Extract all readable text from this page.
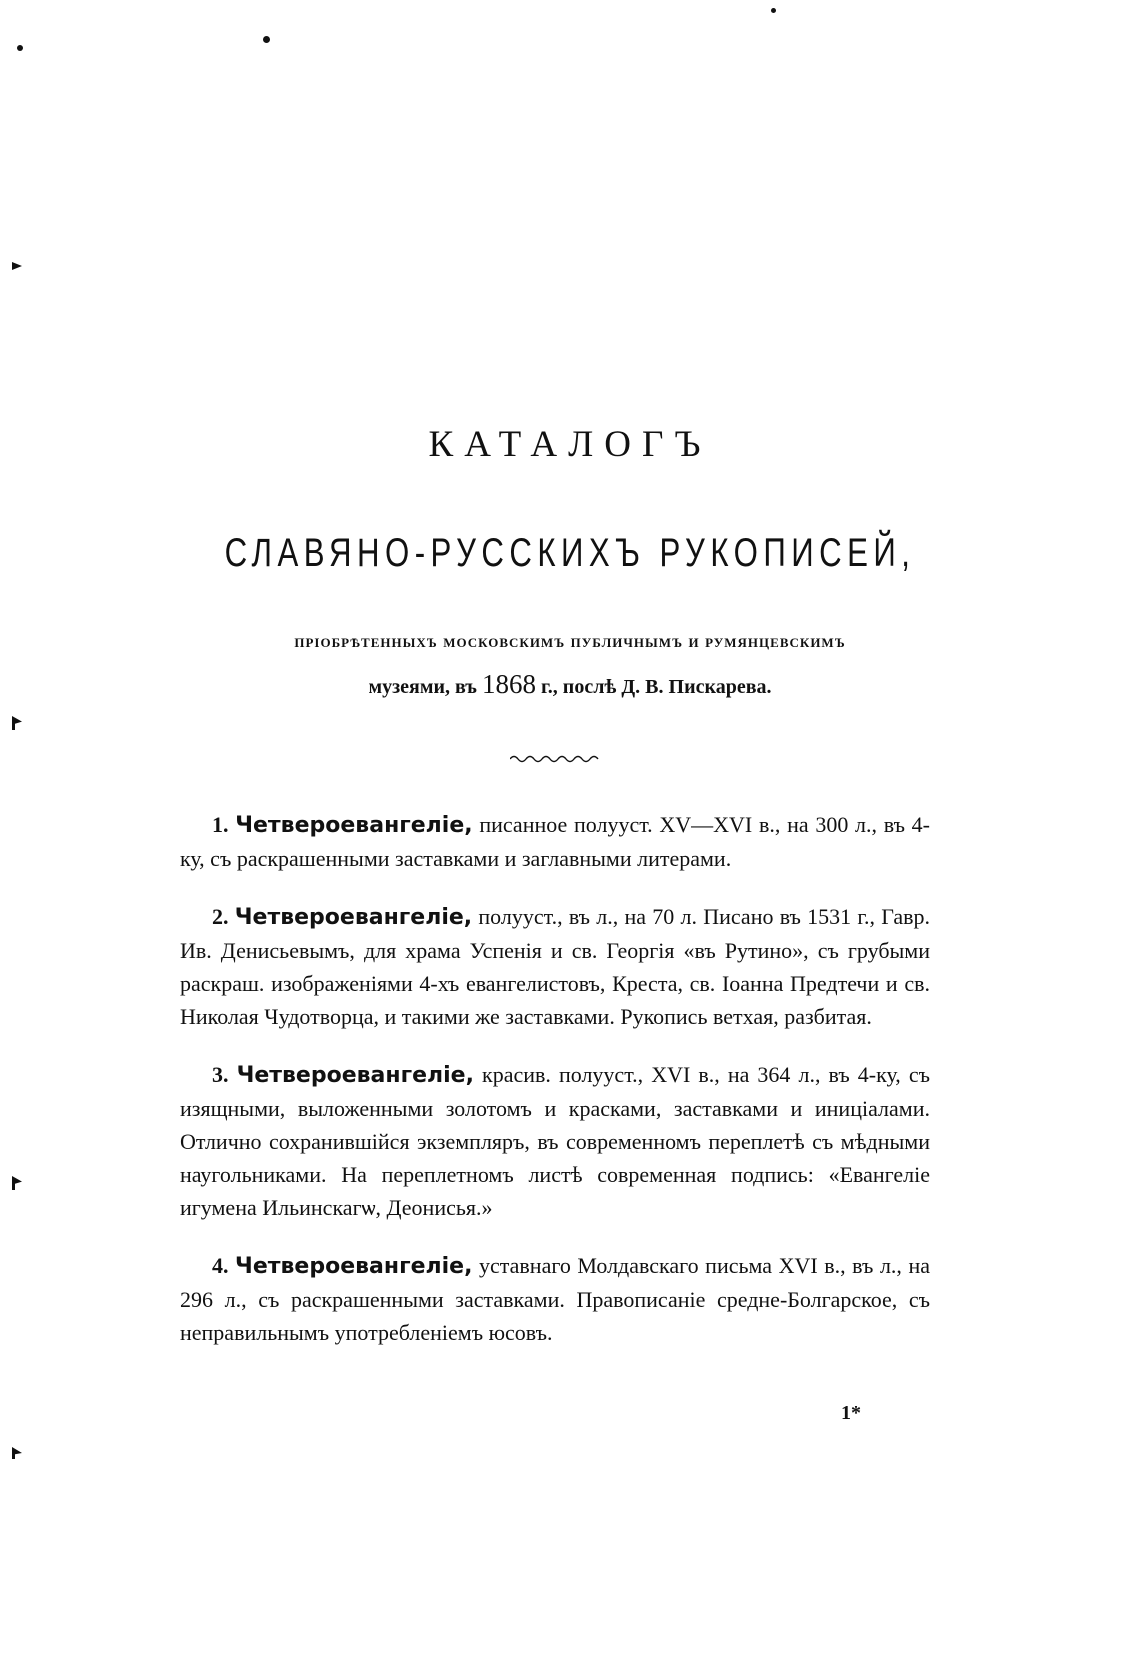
КАТАЛОГЪ
СЛАВЯНО-РУССКИХЪ РУКОПИСЕЙ,
пріобрѣтенныхъ московскимъ публичнымъ и румянцевскимъ
музеями, въ 1868 г., послѣ Д. В. Пискарева.

1. Четвероевангеліе, писанное полууст. XV—XVI в., на 300 л., въ 4-ку, съ раскрашенными заставками и заглавными литерами.

2. Четвероевангеліе, полууст., въ л., на 70 л. Писано въ 1531 г., Гавр. Ив. Денисьевымъ, для храма Успенія и св. Георгія «въ Рутино», съ грубыми раскраш. изображеніями 4-хъ евангелистовъ, Креста, св. Іоанна Предтечи и св. Николая Чудотворца, и такими же заставками. Рукопись ветхая, разбитая.

3. Четвероевангеліе, красив. полууст., XVI в., на 364 л., въ 4-ку, съ изящными, выложенными золотомъ и красками, заставками и иниціалами. Отлично сохранившійся экземпляръ, въ современномъ переплетѣ съ мѣдными наугольниками. На переплетномъ листѣ современная подпись: «Евангеліе игумена Ильинскагѡ, Деонисья.»

4. Четвероевангеліе, уставнаго Молдавскаго письма XVI в., въ л., на 296 л., съ раскрашенными заставками. Правописаніе средне-Болгарское, съ неправильнымъ употребленіемъ юсовъ.

1*
